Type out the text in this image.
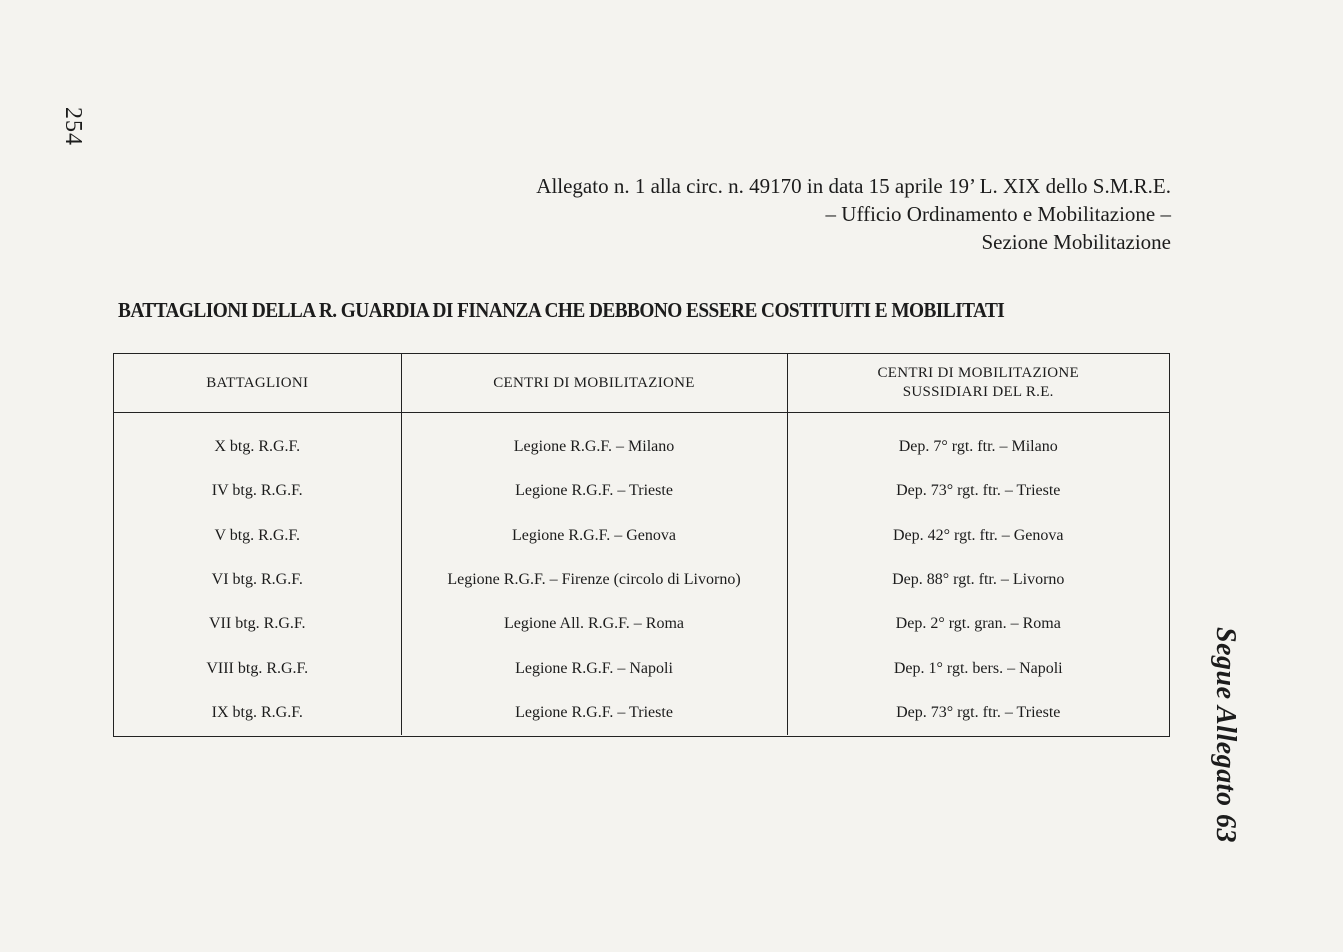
254
Segue Allegato 63
Allegato n. 1 alla circ. n. 49170 in data 15 aprile 19’ L. XIX dello S.M.R.E.
– Ufficio Ordinamento e Mobilitazione –
Sezione Mobilitazione
BATTAGLIONI DELLA R. GUARDIA DI FINANZA CHE DEBBONO ESSERE COSTITUITI E MOBILITATI
BATTAGLIONI	CENTRI DI MOBILITAZIONE	CENTRI DI MOBILITAZIONE
SUSSIDIARI DEL R.E.

X btg. R.G.F.	Legione R.G.F. – Milano	Dep. 7° rgt. ftr. – Milano
IV btg. R.G.F.	Legione R.G.F. – Trieste	Dep. 73° rgt. ftr. – Trieste
V btg. R.G.F.	Legione R.G.F. – Genova	Dep. 42° rgt. ftr. – Genova
VI btg. R.G.F.	Legione R.G.F. – Firenze (circolo di Livorno)	Dep. 88° rgt. ftr. – Livorno
VII btg. R.G.F.	Legione All. R.G.F. – Roma	Dep. 2° rgt. gran. – Roma
VIII btg. R.G.F.	Legione R.G.F. – Napoli	Dep. 1° rgt. bers. – Napoli
IX btg. R.G.F.	Legione R.G.F. – Trieste	Dep. 73° rgt. ftr. – Trieste
